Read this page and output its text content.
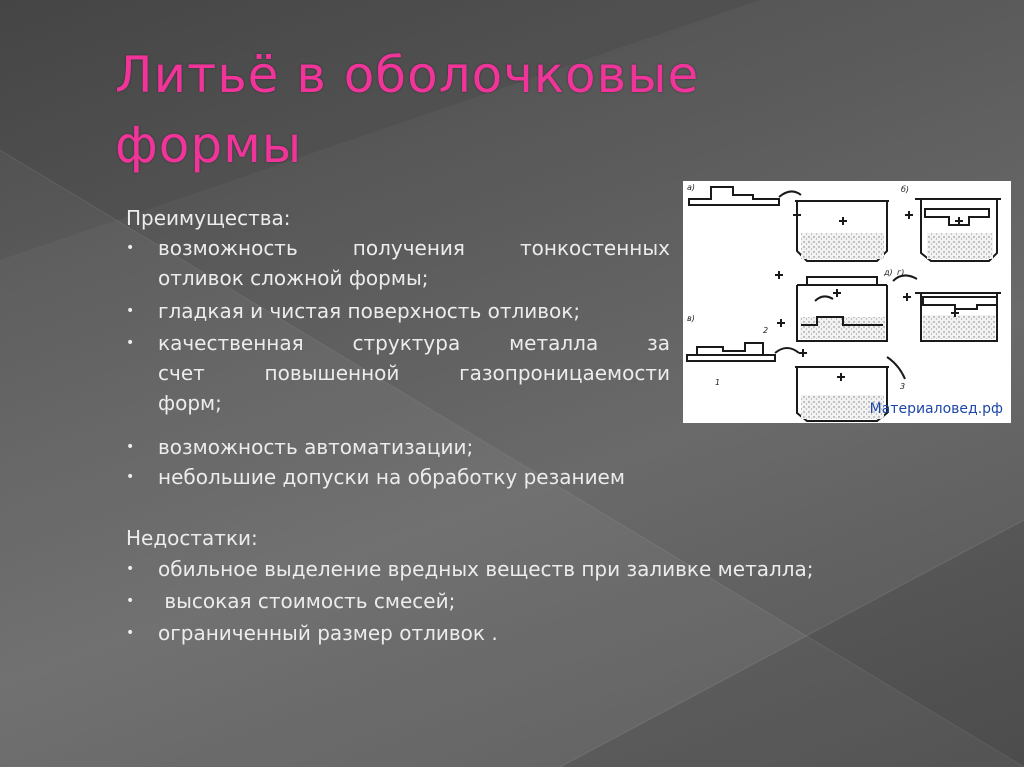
Литьё в оболочковые
формы
Преимущества:
• возможность получения тонкостенных
отливок сложной формы;
• гладкая и чистая поверхность отливок;
• качественная структура металла за
счет повышенной газопроницаемости
форм;
• возможность автоматизации;
• небольшие допуски на обработку резанием
Недостатки:
• обильное выделение вредных веществ при заливке металла;
• высокая стоимость смесей;
• ограниченный размер отливок .
а)	б)
в)
г)
д)
1
2
3
Материаловед.рф
